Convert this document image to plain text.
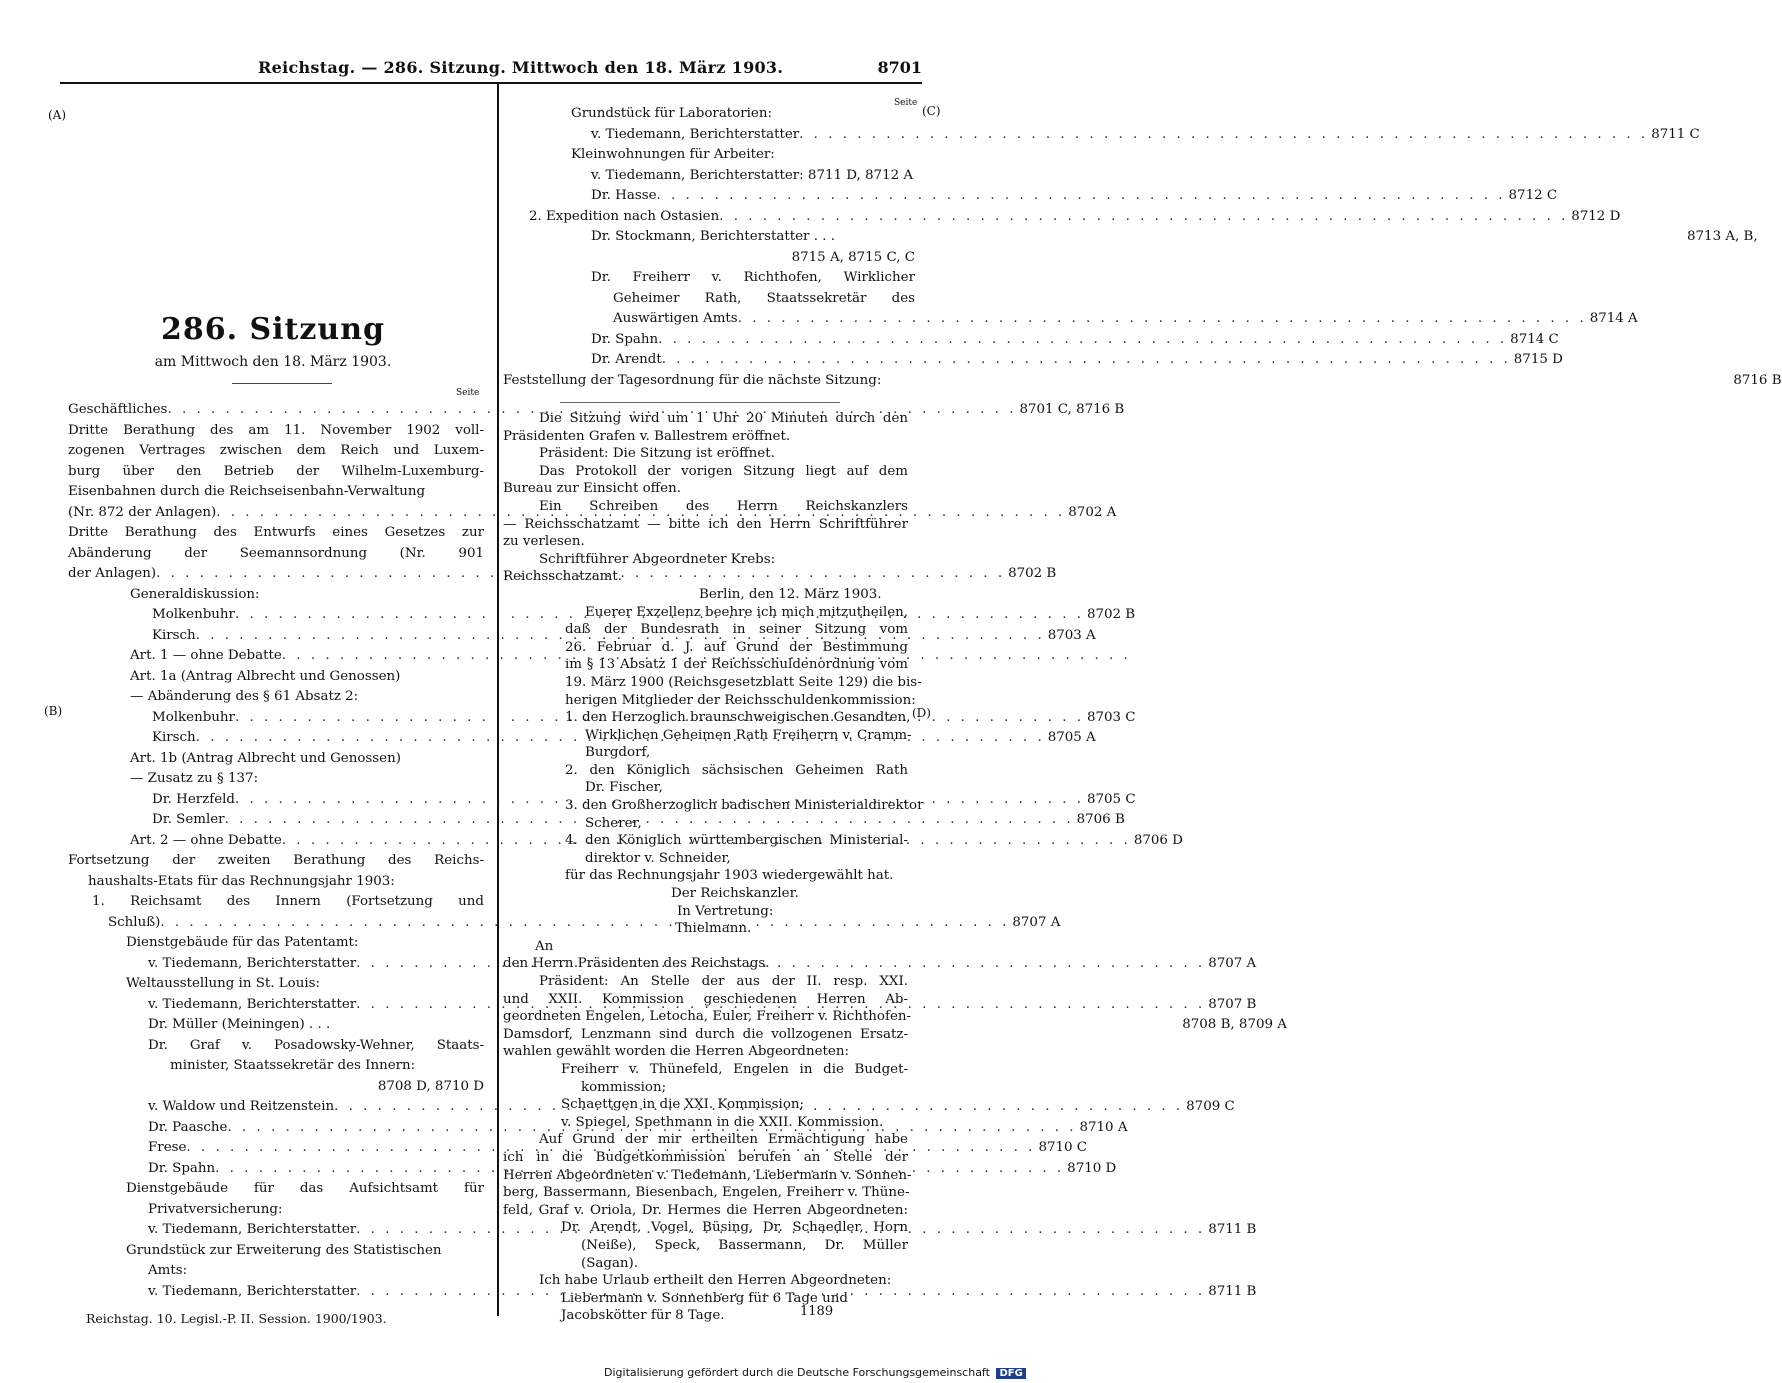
Reichstag. — 286. Sitzung. Mittwoch den 18. März 1903.	8701
(A)
(B)
(C)
(D)
286. Sitzung
am Mittwoch den 18. März 1903.
Seite
Seite
Geschäftliches . . .	8701 C, 8716 B
Dritte Berathung des am 11. November 1902 voll-
zogenen Vertrages zwischen dem Reich und Luxem-
burg über den Betrieb der Wilhelm-Luxemburg-
Eisenbahnen durch die Reichseisenbahn-Verwaltung
(Nr. 872 der Anlagen) . . .	8702 A
Dritte Berathung des Entwurfs eines Gesetzes zur
Abänderung der Seemannsordnung (Nr. 901
der Anlagen) . . .	8702 B
Generaldiskussion:
Molkenbuhr . . .	8702 B
Kirsch . . .	8703 A
Art. 1 — ohne Debatte
. . .
Art. 1a (Antrag Albrecht und Genossen)
— Abänderung des § 61 Absatz 2:
Molkenbuhr . . .	8703 C
Kirsch . . .	8705 A
Art. 1b (Antrag Albrecht und Genossen)
— Zusatz zu § 137:
Dr. Herzfeld . . .	8705 C
Dr. Semler . . .	8706 B
Art. 2 — ohne Debatte . . .	8706 D
Fortsetzung der zweiten Berathung des Reichs-
haushalts-Etats für das Rechnungsjahr 1903:
1. Reichsamt des Innern (Fortsetzung und
Schluß) . . .	8707 A
Dienstgebäude für das Patentamt:
v. Tiedemann, Berichterstatter . . .	8707 A
Weltausstellung in St. Louis:
v. Tiedemann, Berichterstatter . . .	8707 B
Dr. Müller (Meiningen) . . .	8708 B, 8709 A
Dr. Graf v. Posadowsky-Wehner, Staats-
minister, Staatssekretär des Innern:
8708 D, 8710 D
v. Waldow und Reitzenstein . . .	8709 C
Dr. Paasche . . .	8710 A
Frese . . .	8710 C
Dr. Spahn . . .	8710 D
Dienstgebäude für das Aufsichtsamt für
Privatversicherung:
v. Tiedemann, Berichterstatter . . .	8711 B
Grundstück zur Erweiterung des Statistischen
Amts:
v. Tiedemann, Berichterstatter . . .	8711 B
Grundstück für Laboratorien:
v. Tiedemann, Berichterstatter . . .	8711 C
Kleinwohnungen für Arbeiter:
v. Tiedemann, Berichterstatter: 8711 D, 8712 A
Dr. Hasse . . .	8712 C
2. Expedition nach Ostasien . . .	8712 D
Dr. Stockmann, Berichterstatter . . .	8713 A, B,
8715 A, 8715 C, C
Dr. Freiherr v. Richthofen, Wirklicher
Geheimer Rath, Staatssekretär des
Auswärtigen Amts . . .	8714 A
Dr. Spahn . . .	8714 C
Dr. Arendt . . .	8715 D
Feststellung der Tagesordnung für die nächste Sitzung:	8716 B
Die Sitzung wird um 1 Uhr 20 Minuten durch den
Präsidenten Grafen v. Ballestrem eröffnet.
Präsident: Die Sitzung ist eröffnet.
Das Protokoll der vorigen Sitzung liegt auf dem
Bureau zur Einsicht offen.
Ein Schreiben des Herrn Reichskanzlers
— Reichsschatzamt — bitte ich den Herrn Schriftführer
zu verlesen.
Schriftführer Abgeordneter Krebs:
Reichsschatzamt.
Berlin, den 12. März 1903.
Euerer Exzellenz beehre ich mich mitzutheilen,
daß der Bundesrath in seiner Sitzung vom
26. Februar d. J. auf Grund der Bestimmung
im § 13 Absatz 1 der Reichsschuldenordnung vom
19. März 1900 (Reichsgesetzblatt Seite 129) die bis-
herigen Mitglieder der Reichsschuldenkommission:
1. den Herzoglich braunschweigischen Gesandten,
Wirklichen Geheimen Rath Freiherrn v. Cramm-
Burgdorf,
2. den Königlich sächsischen Geheimen Rath
Dr. Fischer,
3. den Großherzoglich badischen Ministerialdirektor
Scherer,
4. den Königlich württembergischen Ministerial-
direktor v. Schneider,
für das Rechnungsjahr 1903 wiedergewählt hat.
Der Reichskanzler.
In Vertretung:
Thielmann.
An
den Herrn Präsidenten des Reichstags.
Präsident: An Stelle der aus der II. resp. XXI.
und XXII. Kommission geschiedenen Herren Ab-
geordneten Engelen, Letocha, Euler, Freiherr v. Richthofen-
Damsdorf, Lenzmann sind durch die vollzogenen Ersatz-
wahlen gewählt worden die Herren Abgeordneten:
Freiherr v. Thünefeld, Engelen in die Budget-
kommission;
Schaettgen in die XXI. Kommission;
v. Spiegel, Spethmann in die XXII. Kommission.
Auf Grund der mir ertheilten Ermächtigung habe
ich in die Budgetkommission berufen an Stelle der
Herren Abgeordneten v. Tiedemann, Liebermann v. Sonnen-
berg, Bassermann, Biesenbach, Engelen, Freiherr v. Thüne-
feld, Graf v. Oriola, Dr. Hermes die Herren Abgeordneten:
Dr. Arendt, Vogel, Büsing, Dr. Schaedler, Horn
(Neiße), Speck, Bassermann, Dr. Müller
(Sagan).
Ich habe Urlaub ertheilt den Herren Abgeordneten:
Liebermann v. Sonnenberg für 6 Tage und
Jacobskötter für 8 Tage.
Reichstag. 10. Legisl.-P. II. Session. 1900/1903.	1189
Digitalisierung gefördert durch die Deutsche Forschungsgemeinschaft DFG
